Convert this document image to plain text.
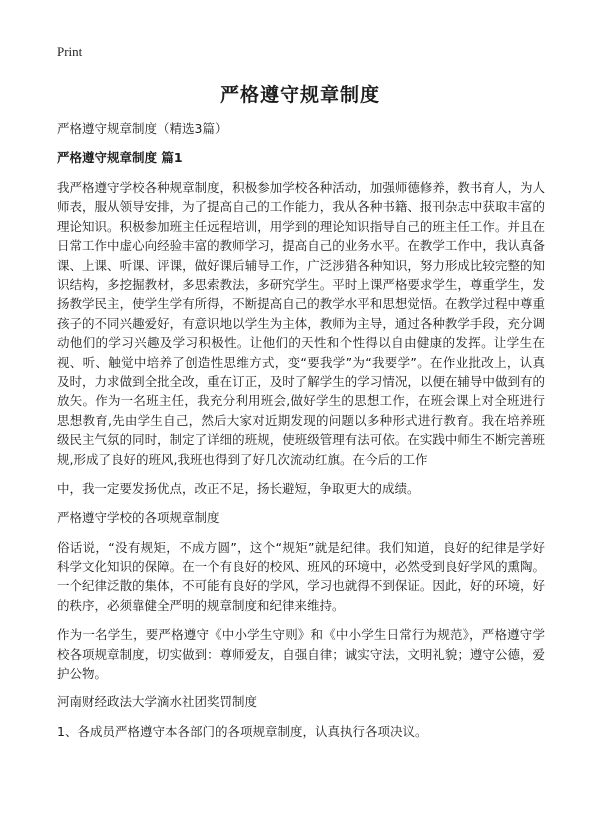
Print
严格遵守规章制度

严格遵守规章制度（精选3篇）

严格遵守规章制度 篇1

我严格遵守学校各种规章制度，积极参加学校各种活动，加强师德修养，教书育人，为人师表，服从领导安排，为了提高自己的工作能力，我从各种书籍、报刊杂志中获取丰富的理论知识。积极参加班主任远程培训，用学到的理论知识指导自己的班主任工作。并且在日常工作中虚心向经验丰富的教师学习，提高自己的业务水平。在教学工作中，我认真备课、上课、听课、评课，做好课后辅导工作，广泛涉猎各种知识，努力形成比较完整的知识结构，多挖掘教材，多思索教法，多研究学生。平时上课严格要求学生，尊重学生，发扬教学民主，使学生学有所得，不断提高自己的教学水平和思想觉悟。在教学过程中尊重孩子的不同兴趣爱好，有意识地以学生为主体，教师为主导，通过各种教学手段，充分调动他们的学习兴趣及学习积极性。让他们的天性和个性得以自由健康的发挥。让学生在视、听、触觉中培养了创造性思维方式，变“要我学”为“我要学”。在作业批改上，认真及时，力求做到全批全改，重在订正，及时了解学生的学习情况，以便在辅导中做到有的放矢。作为一名班主任，我充分利用班会,做好学生的思想工作，在班会课上对全班进行思想教育,先由学生自己，然后大家对近期发现的问题以多种形式进行教育。我在培养班级民主气氛的同时，制定了详细的班规，使班级管理有法可依。在实践中师生不断完善班规,形成了良好的班风,我班也得到了好几次流动红旗。在今后的工作

中，我一定要发扬优点，改正不足，扬长避短，争取更大的成绩。

严格遵守学校的各项规章制度

俗话说，“没有规矩，不成方圆”，这个“规矩”就是纪律。我们知道，良好的纪律是学好科学文化知识的保障。在一个有良好的校风、班风的环境中，必然受到良好学风的熏陶。一个纪律泛散的集体，不可能有良好的学风，学习也就得不到保证。因此，好的环境，好的秩序，必须靠健全严明的规章制度和纪律来维持。

作为一名学生，要严格遵守《中小学生守则》和《中小学生日常行为规范》，严格遵守学校各项规章制度，切实做到：尊师爱友，自强自律；诚实守法，文明礼貌；遵守公德，爱护公物。

河南财经政法大学滴水社团奖罚制度

1、各成员严格遵守本各部门的各项规章制度，认真执行各项决议。
